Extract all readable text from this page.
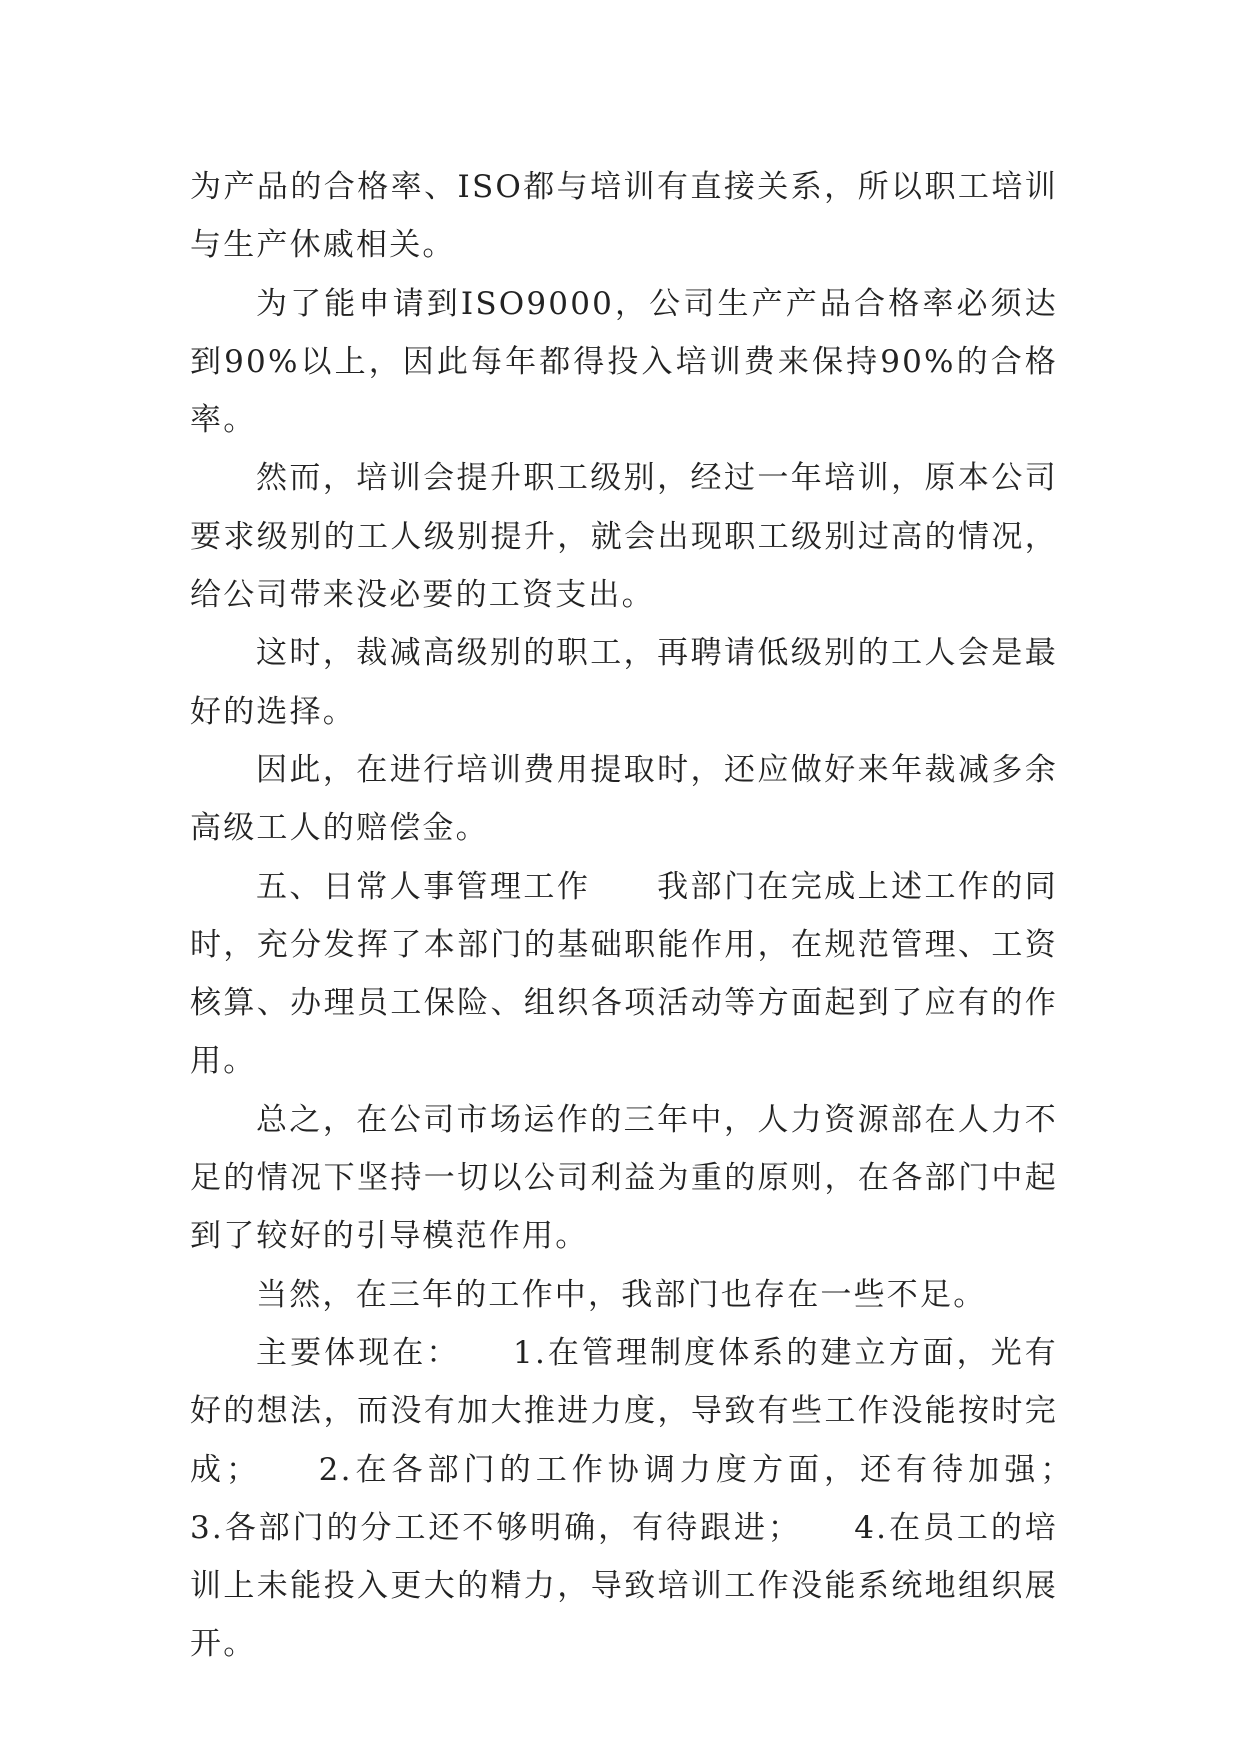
为产品的合格率、ISO都与培训有直接关系，所以职工培训与生产休戚相关。

为了能申请到ISO9000，公司生产产品合格率必须达到90%以上，因此每年都得投入培训费来保持90%的合格率。

然而，培训会提升职工级别，经过一年培训，原本公司要求级别的工人级别提升，就会出现职工级别过高的情况，给公司带来没必要的工资支出。

这时，裁减高级别的职工，再聘请低级别的工人会是最好的选择。

因此，在进行培训费用提取时，还应做好来年裁减多余高级工人的赔偿金。

五、日常人事管理工作　　我部门在完成上述工作的同时，充分发挥了本部门的基础职能作用，在规范管理、工资核算、办理员工保险、组织各项活动等方面起到了应有的作用。

总之，在公司市场运作的三年中，人力资源部在人力不足的情况下坚持一切以公司利益为重的原则，在各部门中起到了较好的引导模范作用。

当然，在三年的工作中，我部门也存在一些不足。

主要体现在：　　1.在管理制度体系的建立方面，光有好的想法，而没有加大推进力度，导致有些工作没能按时完成；　　2.在各部门的工作协调力度方面，还有待加强；　　3.各部门的分工还不够明确，有待跟进；　　4.在员工的培训上未能投入更大的精力，导致培训工作没能系统地组织展开。
